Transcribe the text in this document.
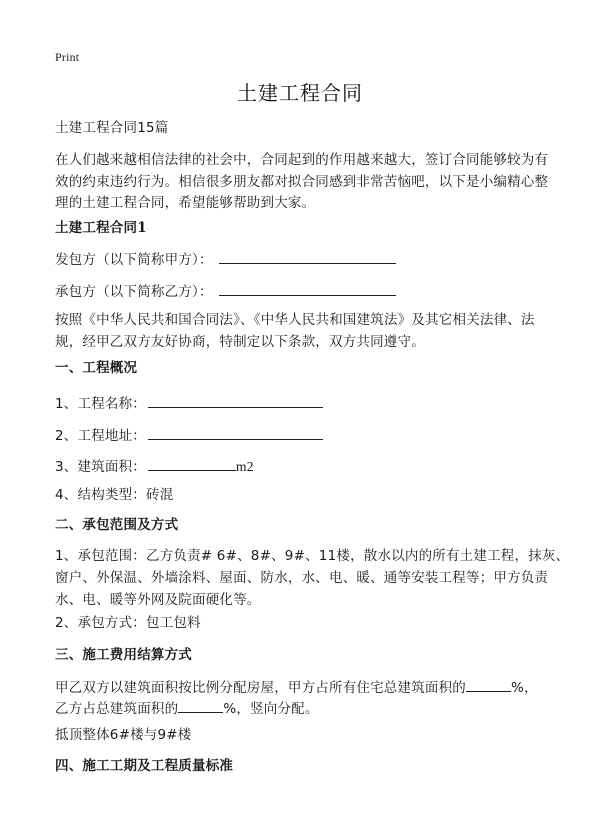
Print
土建工程合同
土建工程合同15篇
在人们越来越相信法律的社会中，合同起到的作用越来越大，签订合同能够较为有
效的约束违约行为。相信很多朋友都对拟合同感到非常苦恼吧，以下是小编精心整
理的土建工程合同，希望能够帮助到大家。
土建工程合同1
发包方（以下简称甲方）：
承包方（以下简称乙方）：
按照《中华人民共和国合同法》、《中华人民共和国建筑法》及其它相关法律、法
规，经甲乙双方友好协商，特制定以下条款，双方共同遵守。
一、工程概况
1、工程名称：
2、工程地址：
3、建筑面积：	m2
4、结构类型：砖混
二、承包范围及方式
1、承包范围：乙方负责# 6#、8#、9#、11楼，散水以内的所有土建工程，抹灰、
窗户、外保温、外墙涂料、屋面、防水，水、电、暖、通等安装工程等；甲方负责
水、电、暖等外网及院面硬化等。
2、承包方式：包工包料
三、施工费用结算方式
甲乙双方以建筑面积按比例分配房屋，甲方占所有住宅总建筑面积的	%，
乙方占总建筑面积的	%，竖向分配。
抵顶整体6#楼与9#楼
四、施工工期及工程质量标准
